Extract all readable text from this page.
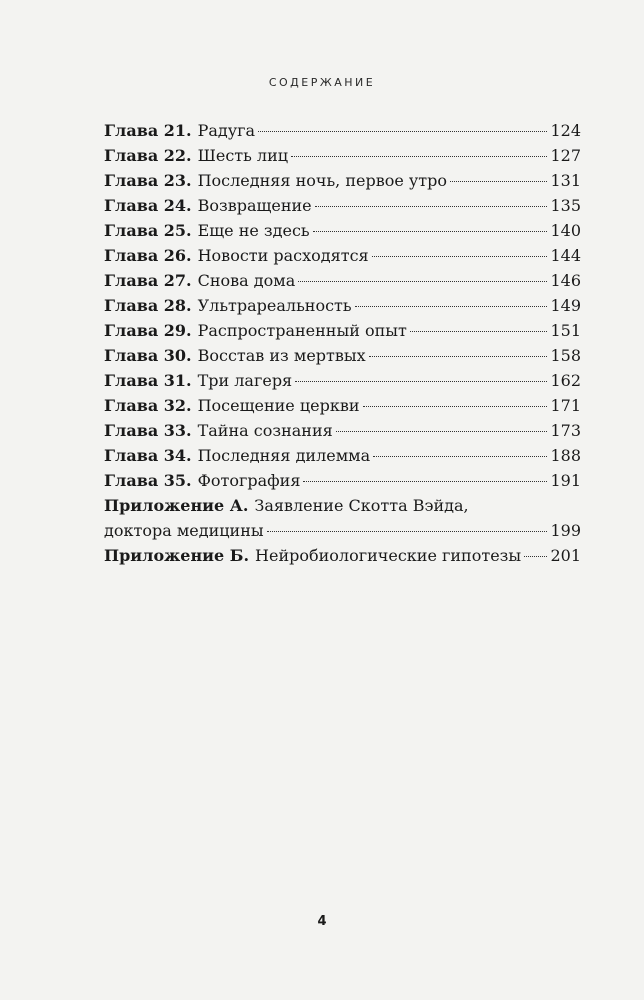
СОДЕРЖАНИЕ
Глава 21. Радуга	124
Глава 22. Шесть лиц	127
Глава 23. Последняя ночь, первое утро	131
Глава 24. Возвращение	135
Глава 25. Еще не здесь	140
Глава 26. Новости расходятся	144
Глава 27. Снова дома	146
Глава 28. Ультрареальность	149
Глава 29. Распространенный опыт	151
Глава 30. Восстав из мертвых	158
Глава 31. Три лагеря	162
Глава 32. Посещение церкви	171
Глава 33. Тайна сознания	173
Глава 34. Последняя дилемма	188
Глава 35. Фотография	191
Приложение А. Заявление Скотта Вэйда,
доктора медицины	199
Приложение Б. Нейробиологические гипотезы 201
4
